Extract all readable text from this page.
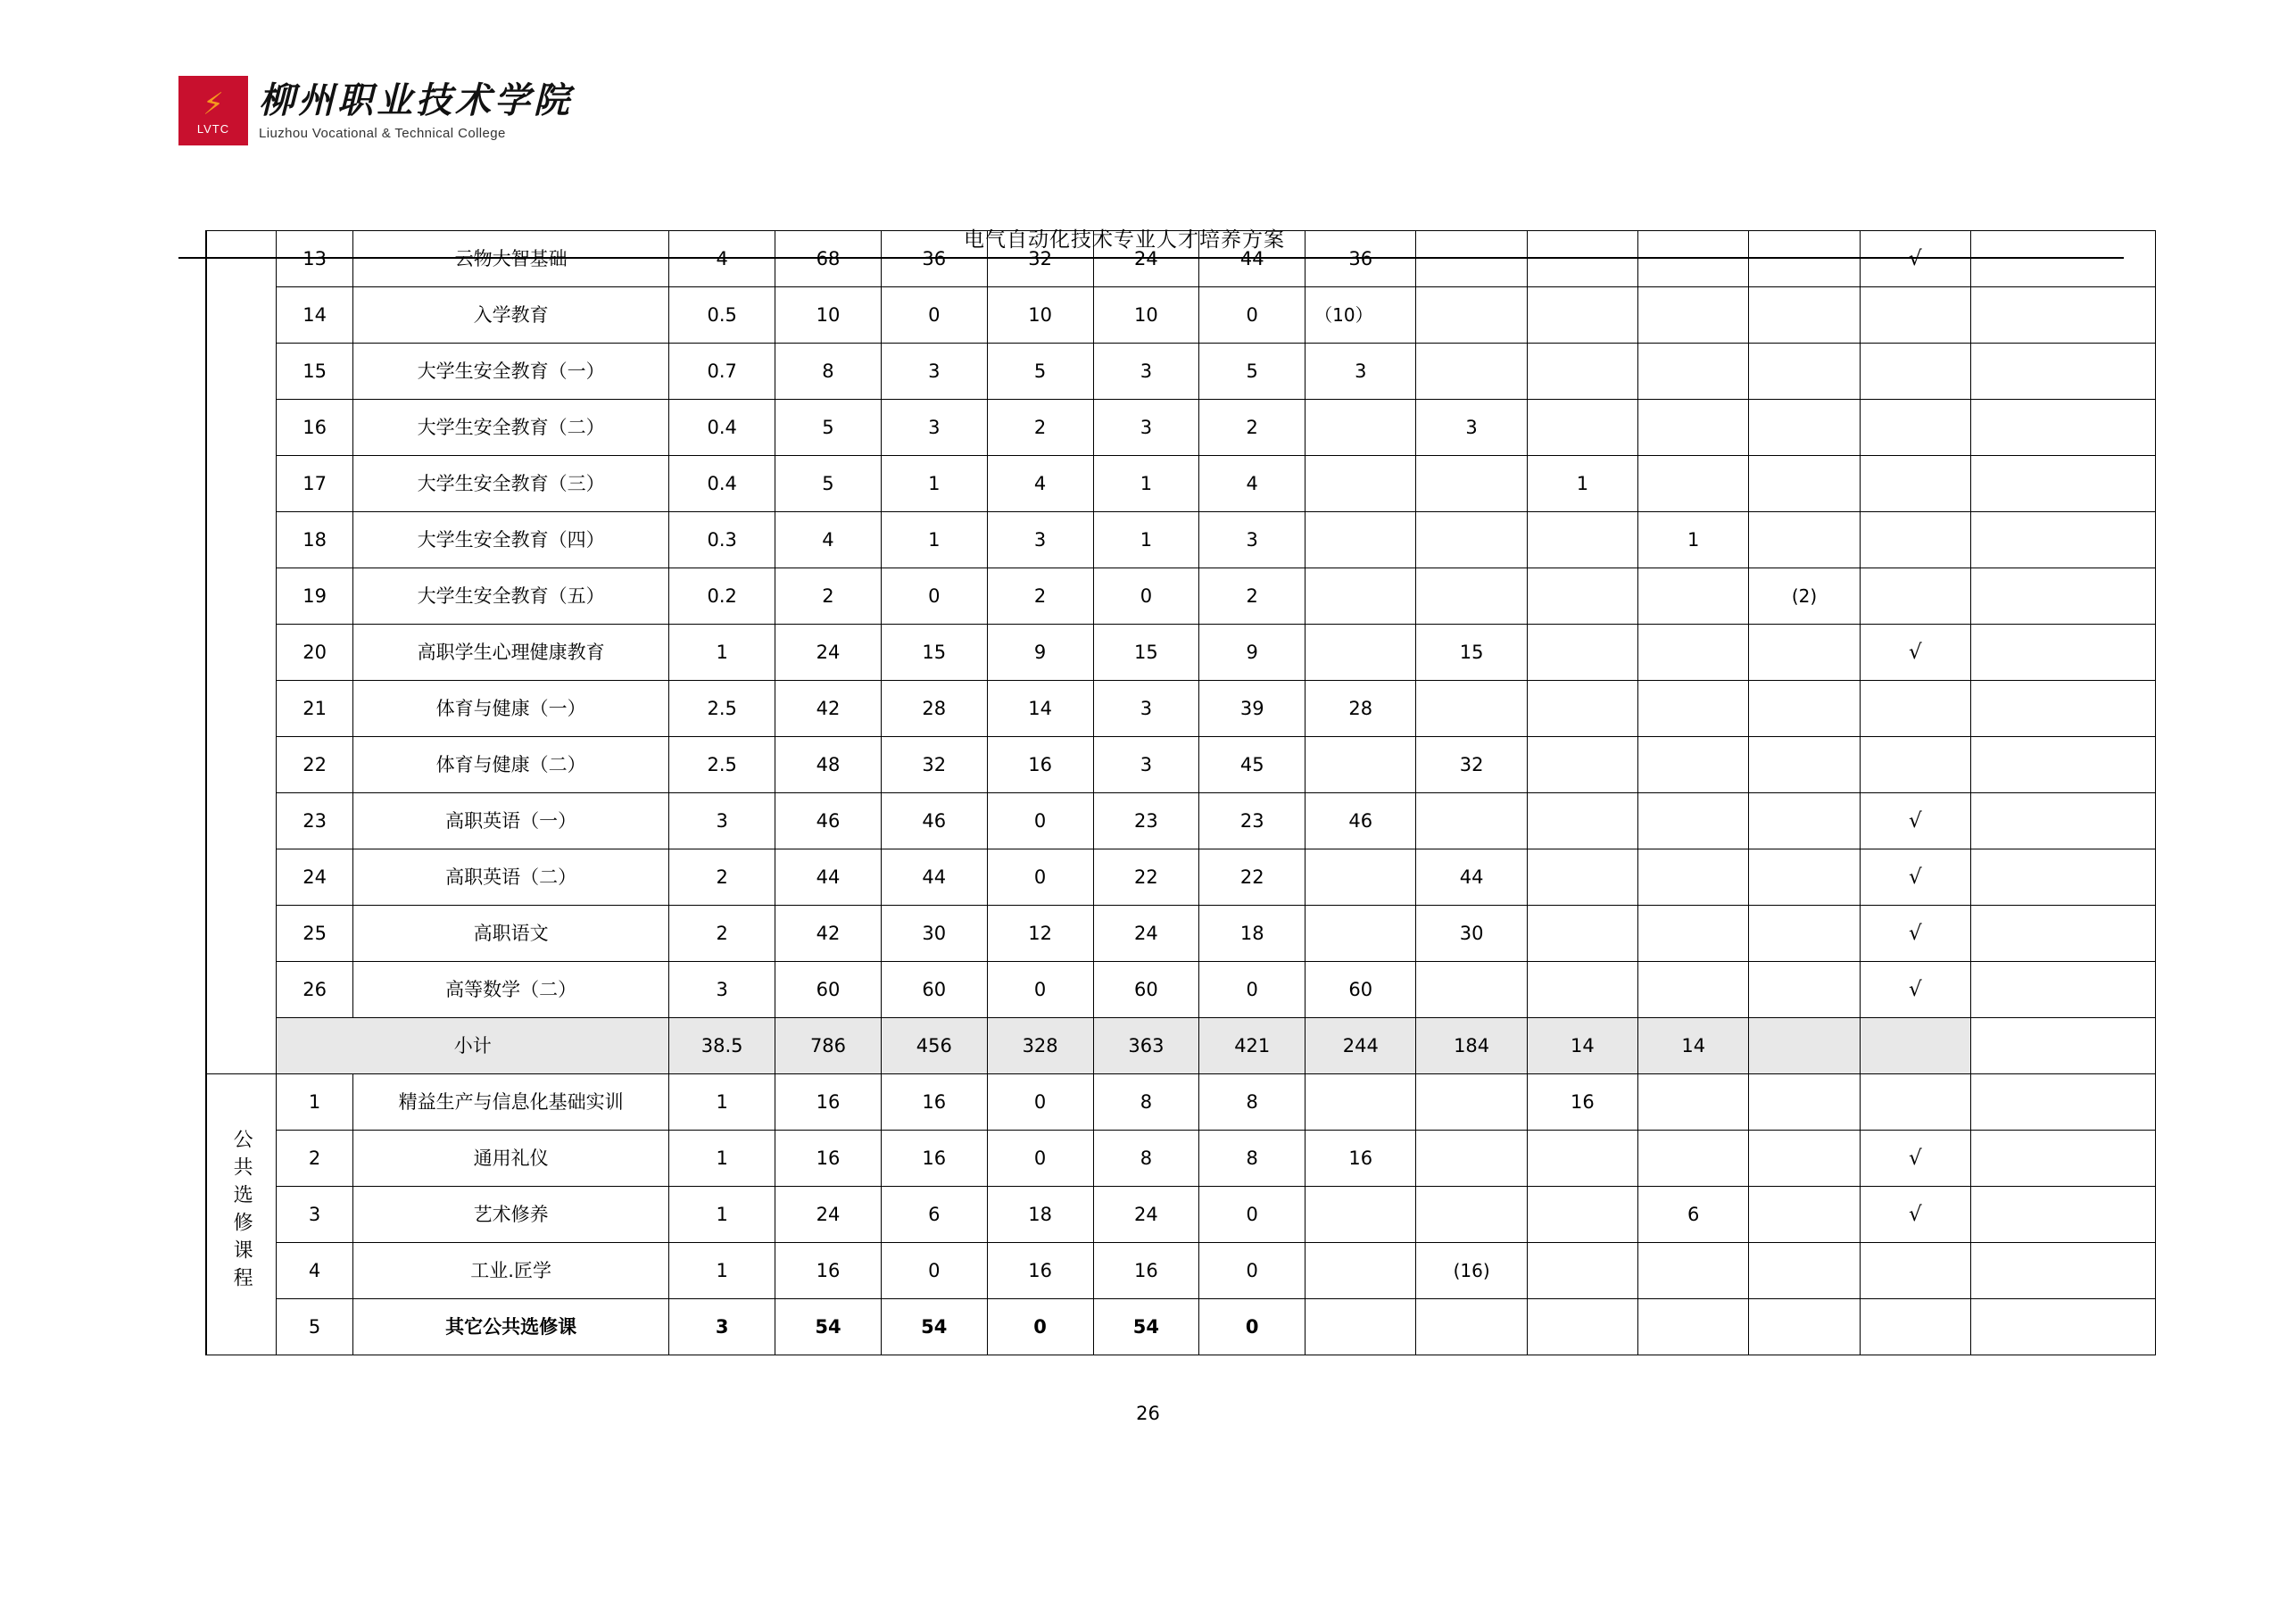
⚡
LVTC
柳州职业技术学院
Liuzhou Vocational & Technical College
电气自动化技术专业人才培养方案
	13	云物大智基础	4	68	36	32	24	44	36					√	
	14	入学教育	0.5	10	0	10	10	0	（10）						
	15	大学生安全教育（一）	0.7	8	3	5	3	5	3						
	16	大学生安全教育（二）	0.4	5	3	2	3	2		3					
	17	大学生安全教育（三）	0.4	5	1	4	1	4			1				
	18	大学生安全教育（四）	0.3	4	1	3	1	3				1			
	19	大学生安全教育（五）	0.2	2	0	2	0	2					(2)		
	20	高职学生心理健康教育	1	24	15	9	15	9		15				√	
	21	体育与健康（一）	2.5	42	28	14	3	39	28						
	22	体育与健康（二）	2.5	48	32	16	3	45		32					
	23	高职英语（一）	3	46	46	0	23	23	46					√	
	24	高职英语（二）	2	44	44	0	22	22		44				√	
	25	高职语文	2	42	30	12	24	18		30				√	
	26	高等数学（二）	3	60	60	0	60	0	60					√	
	小计		38.5	786	456	328	363	421	244	184	14	14			
公共选修课程	1	精益生产与信息化基础实训	1	16	16	0	8	8			16				
	2	通用礼仪	1	16	16	0	8	8	16					√	
	3	艺术修养	1	24	6	18	24	0				6		√	
	4	工业.匠学	1	16	0	16	16	0		(16)					
	5	其它公共选修课	3	54	54	0	54	0							
26
